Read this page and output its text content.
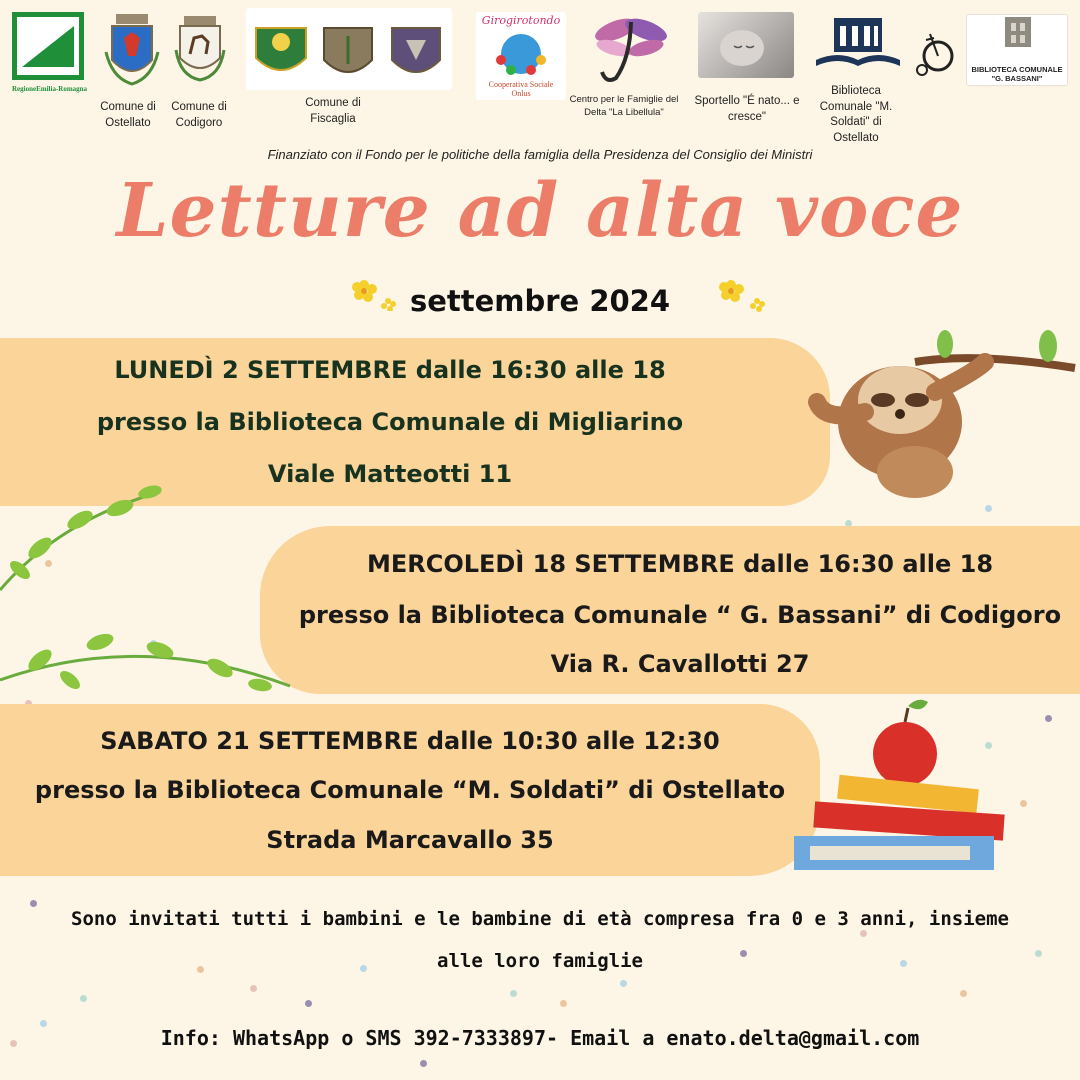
RegioneEmilia-Romagna
Comune di Ostellato
Comune di Codigoro
Comune di Fiscaglia
Girogirotondo
Cooperativa Sociale Onlus
Centro per le Famiglie del Delta "La Libellula"
Sportello "É nato... e cresce"
Biblioteca Comunale "M. Soldati" di Ostellato
BIBLIOTECA COMUNALE
"G. BASSANI"
Finanziato con il Fondo per le politiche della famiglia della Presidenza del Consiglio dei Ministri
Letture ad alta voce
settembre 2024
LUNEDÌ 2 SETTEMBRE dalle 16:30 alle 18
presso la Biblioteca Comunale di Migliarino
Viale Matteotti 11
MERCOLEDÌ 18 SETTEMBRE dalle 16:30 alle 18
presso la Biblioteca Comunale “ G. Bassani” di Codigoro
Via R. Cavallotti 27
SABATO 21 SETTEMBRE dalle 10:30 alle 12:30
presso la Biblioteca Comunale “M. Soldati” di Ostellato
Strada Marcavallo 35
Sono invitati tutti i bambini e le bambine di età compresa fra 0 e 3 anni, insieme
alle loro famiglie
Info: WhatsApp o SMS 392-7333897- Email a enato.delta@gmail.com
